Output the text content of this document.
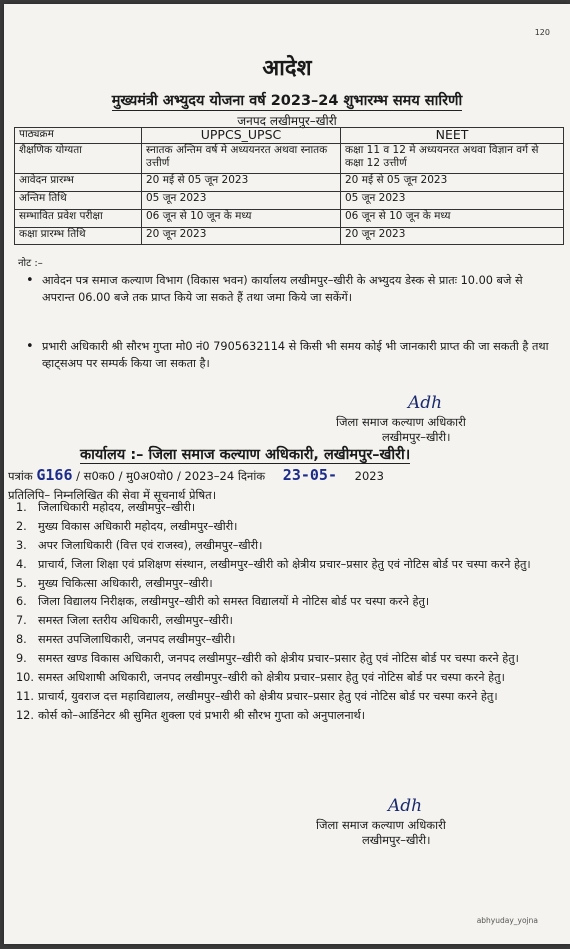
120
आदेश
मुख्यमंत्री अभ्युदय योजना वर्ष 2023–24 शुभारम्भ समय सारिणी
जनपद लखीमपुर–खीरी
पाठ्यक्रम	UPPCS_UPSC	NEET
शैक्षणिक योग्यता	स्नातक अन्तिम वर्ष मे अध्ययनरत अथवा स्नातक उत्तीर्ण	कक्षा 11 व 12 मे अध्ययनरत अथवा विज्ञान वर्ग से कक्षा 12 उत्तीर्ण
आवेदन प्रारम्भ	20 मई से 05 जून 2023	20 मई से 05 जून 2023
अन्तिम तिथि	05 जून 2023	05 जून 2023
सम्भावित प्रवेश परीक्षा	06 जून से 10 जून के मध्य	06 जून से 10 जून के मध्य
कक्षा प्रारम्भ तिथि	20 जून 2023	20 जून 2023
नोट :–
• आवेदन पत्र समाज कल्याण विभाग (विकास भवन) कार्यालय लखीमपुर–खीरी के अभ्युदय डेस्क से प्रातः 10.00 बजे से अपरान्त 06.00 बजे तक प्राप्त किये जा सकते हैं तथा जमा किये जा सकेंगें।
• प्रभारी अधिकारी श्री सौरभ गुप्ता मो0 नं0 7905632114 से किसी भी समय कोई भी जानकारी प्राप्त की जा सकती है तथा व्हाट्सअप पर सम्पर्क किया जा सकता है।
Adh
जिला समाज कल्याण अधिकारी
लखीमपुर–खीरी।
कार्यालय :– जिला समाज कल्याण अधिकारी, लखीमपुर–खीरी।
पत्रांक G166 / स0क0 / मु0अ0यो0 / 2023–24 दिनांक 23-05- 2023
प्रतिलिपि– निम्नलिखित की सेवा में सूचनार्थ प्रेषित।
1. जिलाधिकारी महोदय, लखीमपुर–खीरी।
2. मुख्य विकास अधिकारी महोदय, लखीमपुर–खीरी।
3. अपर जिलाधिकारी (वित्त एवं राजस्व), लखीमपुर–खीरी।
4. प्राचार्य, जिला शिक्षा एवं प्रशिक्षण संस्थान, लखीमपुर–खीरी को क्षेत्रीय प्रचार–प्रसार हेतु एवं नोटिस बोर्ड पर चस्पा करने हेतु।
5. मुख्य चिकित्सा अधिकारी, लखीमपुर–खीरी।
6. जिला विद्यालय निरीक्षक, लखीमपुर–खीरी को समस्त विद्यालयों मे नोटिस बोर्ड पर चस्पा करने हेतु।
7. समस्त जिला स्तरीय अधिकारी, लखीमपुर–खीरी।
8. समस्त उपजिलाधिकारी, जनपद लखीमपुर–खीरी।
9. समस्त खण्ड विकास अधिकारी, जनपद लखीमपुर–खीरी को क्षेत्रीय प्रचार–प्रसार हेतु एवं नोटिस बोर्ड पर चस्पा करने हेतु।
10. समस्त अधिशाषी अधिकारी, जनपद लखीमपुर–खीरी को क्षेत्रीय प्रचार–प्रसार हेतु एवं नोटिस बोर्ड पर चस्पा करने हेतु।
11. प्राचार्य, युवराज दत्त महाविद्यालय, लखीमपुर–खीरी को क्षेत्रीय प्रचार–प्रसार हेतु एवं नोटिस बोर्ड पर चस्पा करने हेतु।
12. कोर्स को–आर्डिनेटर श्री सुमित शुक्ला एवं प्रभारी श्री सौरभ गुप्ता को अनुपालनार्थ।
Adh
जिला समाज कल्याण अधिकारी
लखीमपुर–खीरी।
abhyuday_yojna
